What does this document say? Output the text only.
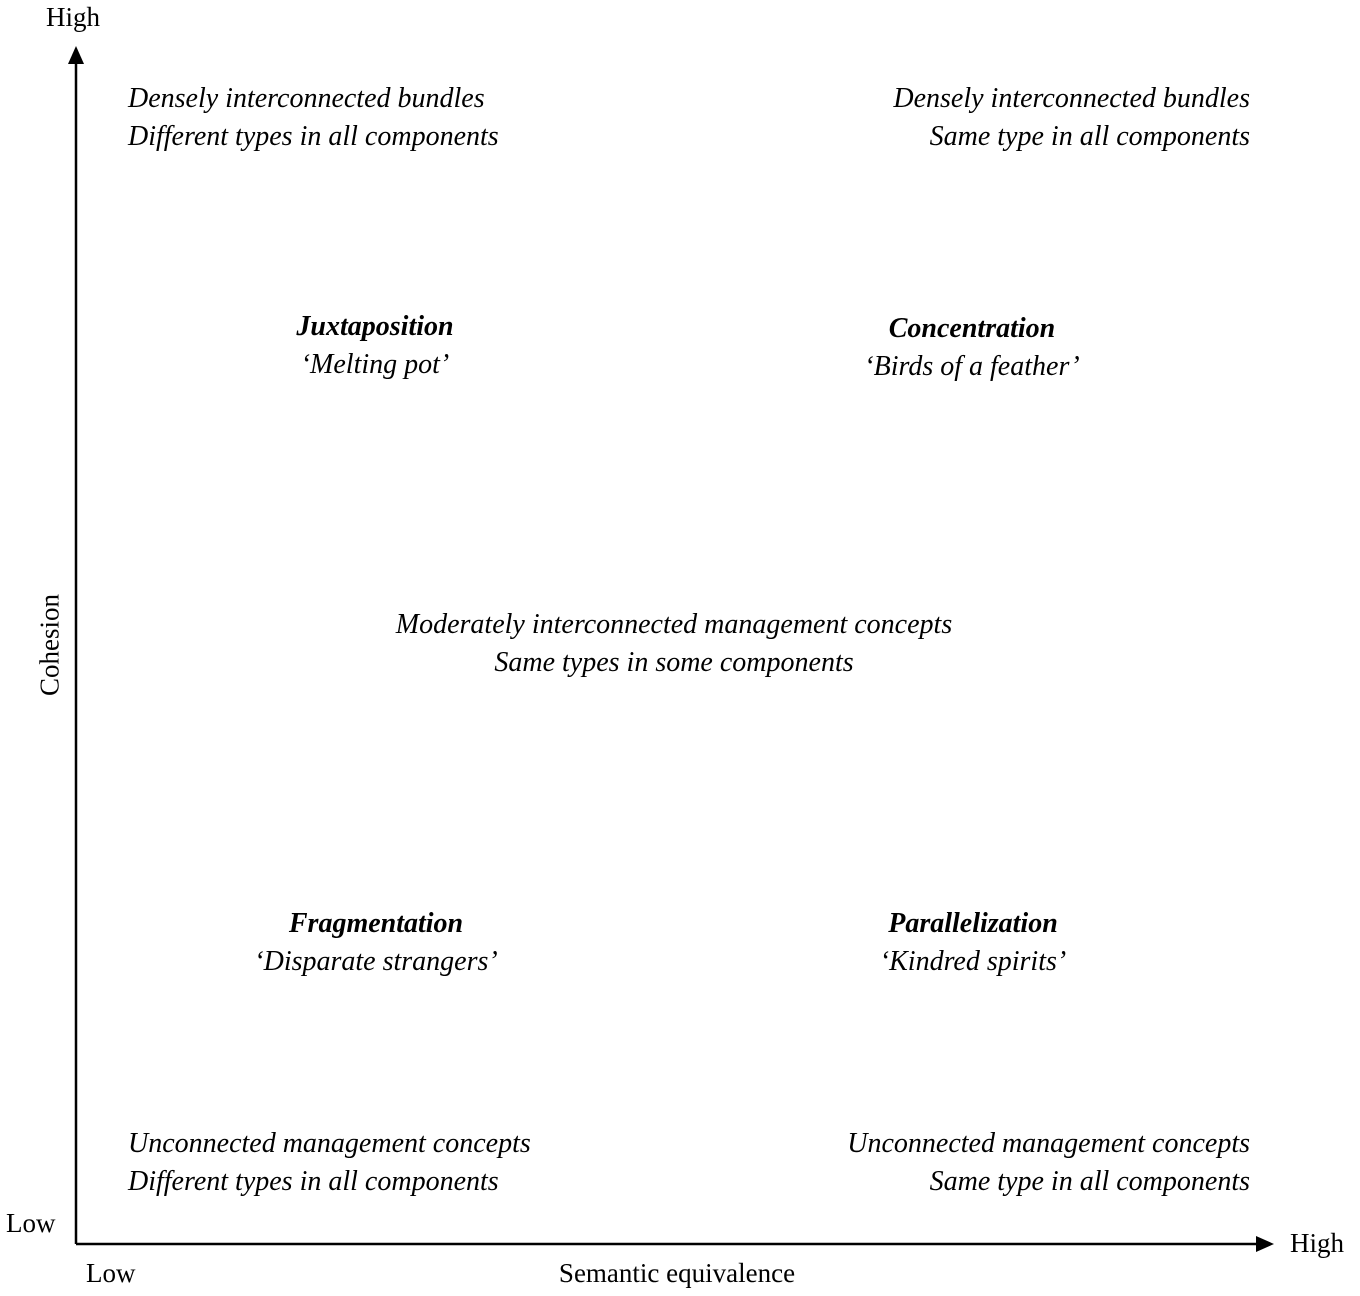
High
Low
Cohesion
Low
High
Semantic equivalence
Densely interconnected bundles
Different types in all components
Densely interconnected bundles
Same type in all components
Juxtaposition
‘Melting pot’
Concentration
‘Birds of a feather’
Moderately interconnected management concepts
Same types in some components
Fragmentation
‘Disparate strangers’
Parallelization
‘Kindred spirits’
Unconnected management concepts
Different types in all components
Unconnected management concepts
Same type in all components
